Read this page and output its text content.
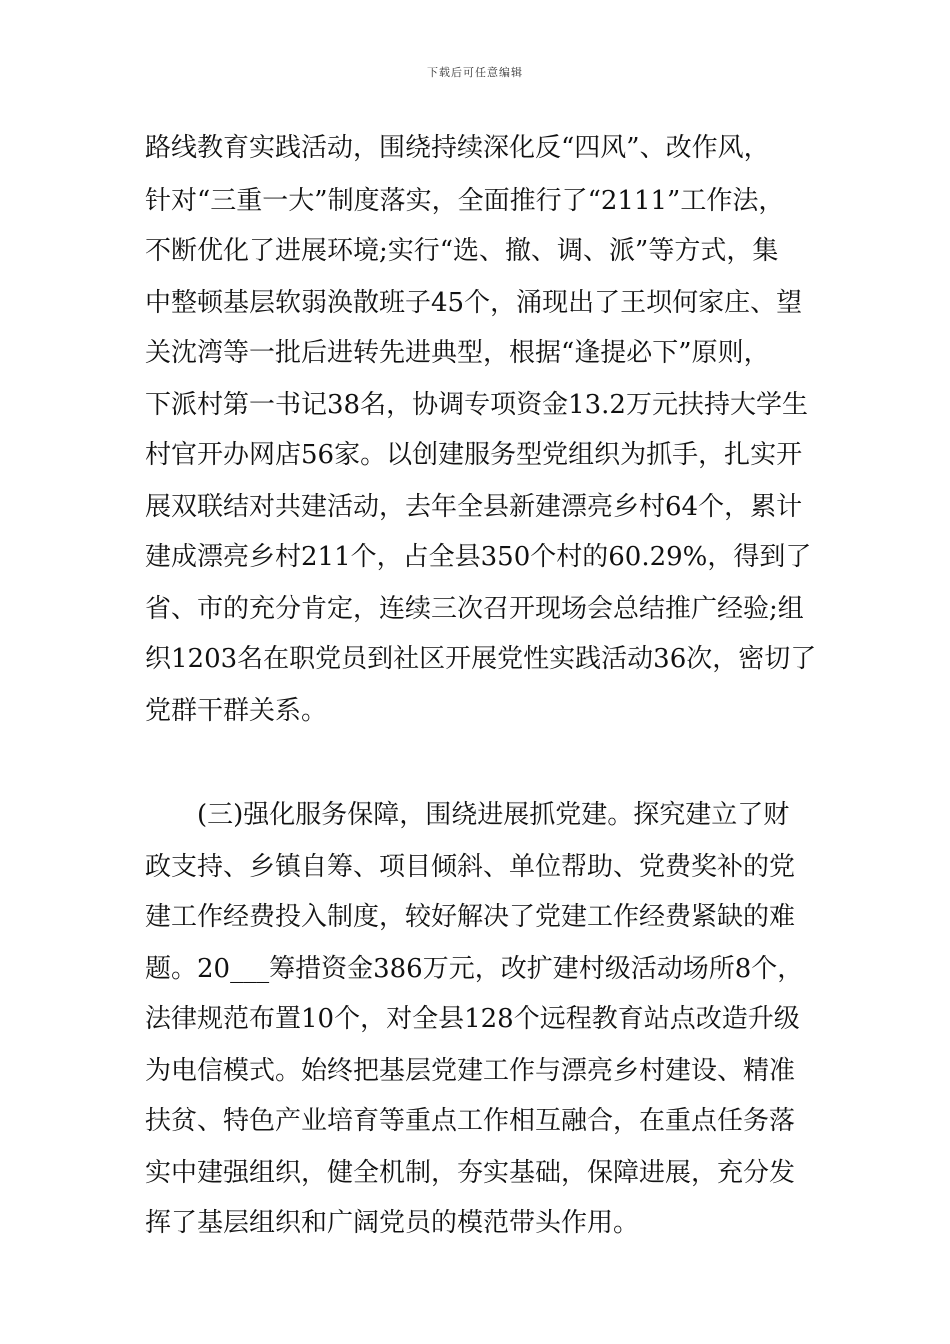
下载后可任意编辑
路线教育实践活动，围绕持续深化反“四风”、改作风，
针对“三重一大”制度落实，全面推行了“2111”工作法，
不断优化了进展环境;实行“选、撤、调、派”等方式，集
中整顿基层软弱涣散班子45个，涌现出了王坝何家庄、望
关沈湾等一批后进转先进典型，根据“逢提必下”原则，
下派村第一书记38名，协调专项资金13.2万元扶持大学生
村官开办网店56家。以创建服务型党组织为抓手，扎实开
展双联结对共建活动，去年全县新建漂亮乡村64个，累计
建成漂亮乡村211个，占全县350个村的60.29%，得到了
省、市的充分肯定，连续三次召开现场会总结推广经验;组
织1203名在职党员到社区开展党性实践活动36次，密切了
党群干群关系。
(三)强化服务保障，围绕进展抓党建。探究建立了财
政支持、乡镇自筹、项目倾斜、单位帮助、党费奖补的党
建工作经费投入制度，较好解决了党建工作经费紧缺的难
题。20___筹措资金386万元，改扩建村级活动场所8个，
法律规范布置10个，对全县128个远程教育站点改造升级
为电信模式。始终把基层党建工作与漂亮乡村建设、精准
扶贫、特色产业培育等重点工作相互融合，在重点任务落
实中建强组织，健全机制，夯实基础，保障进展，充分发
挥了基层组织和广阔党员的模范带头作用。
